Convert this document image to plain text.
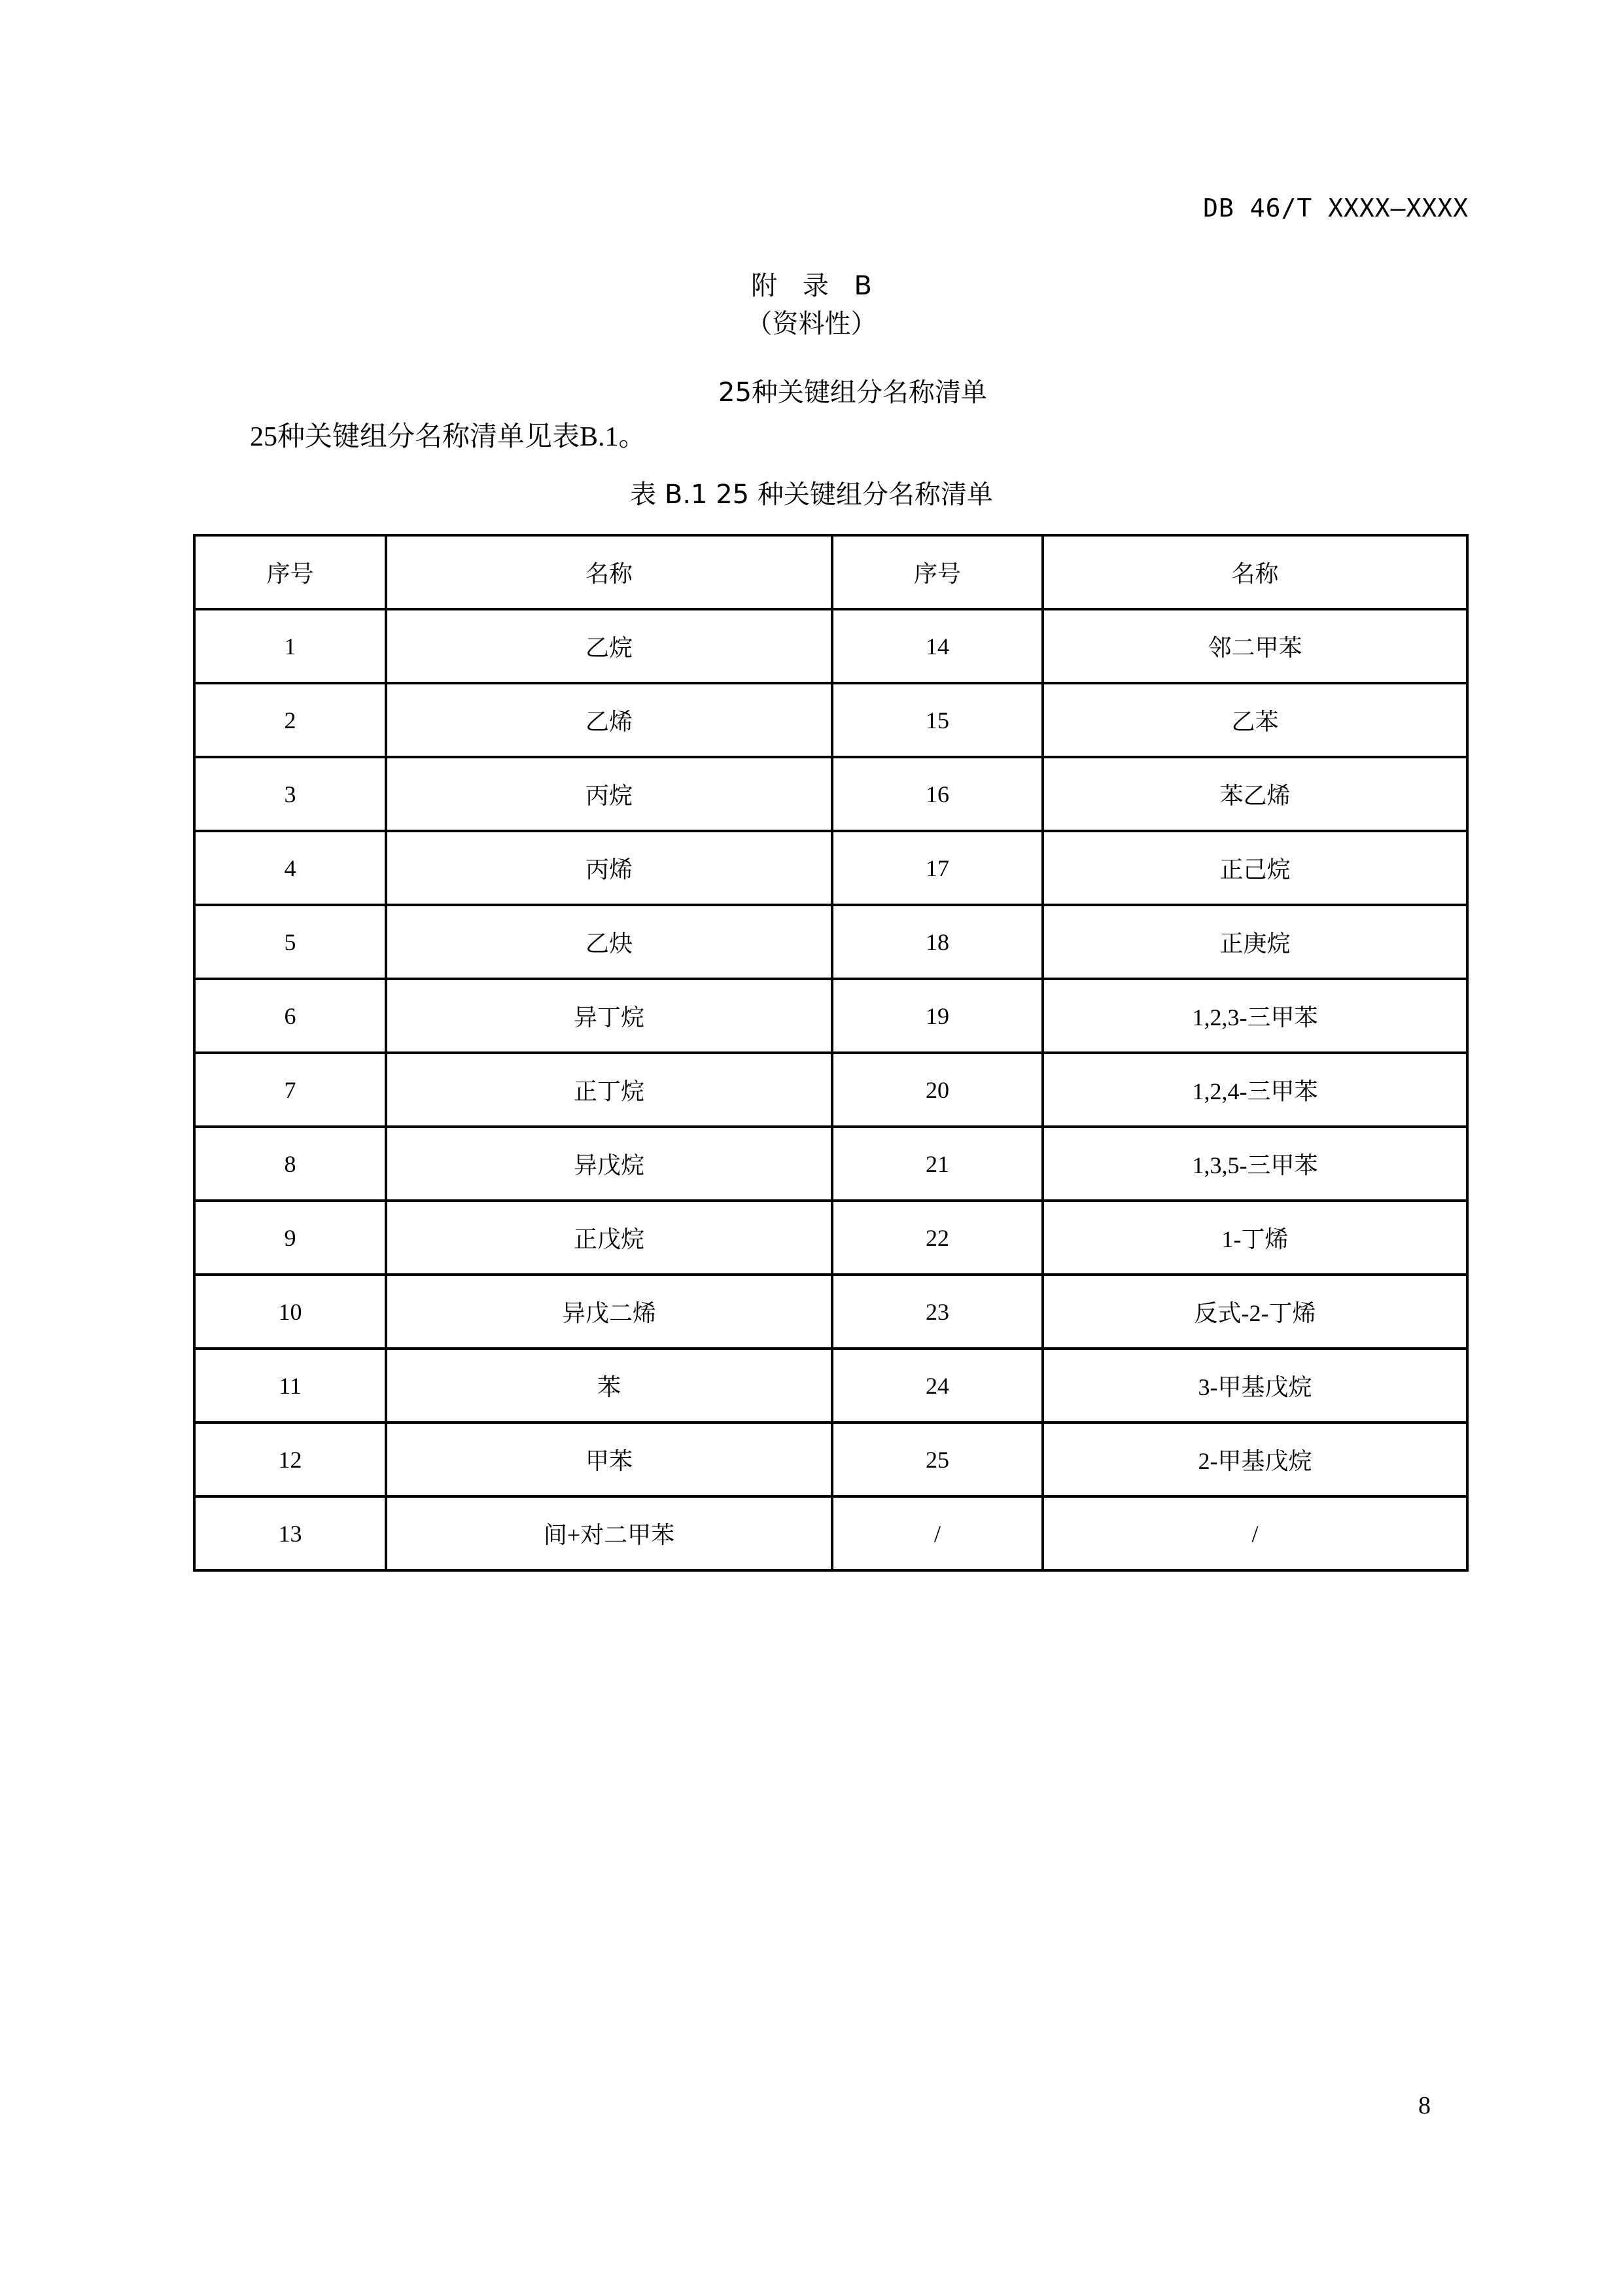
DB 46/T XXXX—XXXX
附 录 B
（资料性）
25种关键组分名称清单
25种关键组分名称清单见表B.1。
表 B.1 25 种关键组分名称清单
序号	名称	序号	名称
1	乙烷	14	邻二甲苯
2	乙烯	15	乙苯
3	丙烷	16	苯乙烯
4	丙烯	17	正己烷
5	乙炔	18	正庚烷
6	异丁烷	19	1,2,3-三甲苯
7	正丁烷	20	1,2,4-三甲苯
8	异戊烷	21	1,3,5-三甲苯
9	正戊烷	22	1-丁烯
10	异戊二烯	23	反式-2-丁烯
11	苯	24	3-甲基戊烷
12	甲苯	25	2-甲基戊烷
13	间+对二甲苯	/	/
8
